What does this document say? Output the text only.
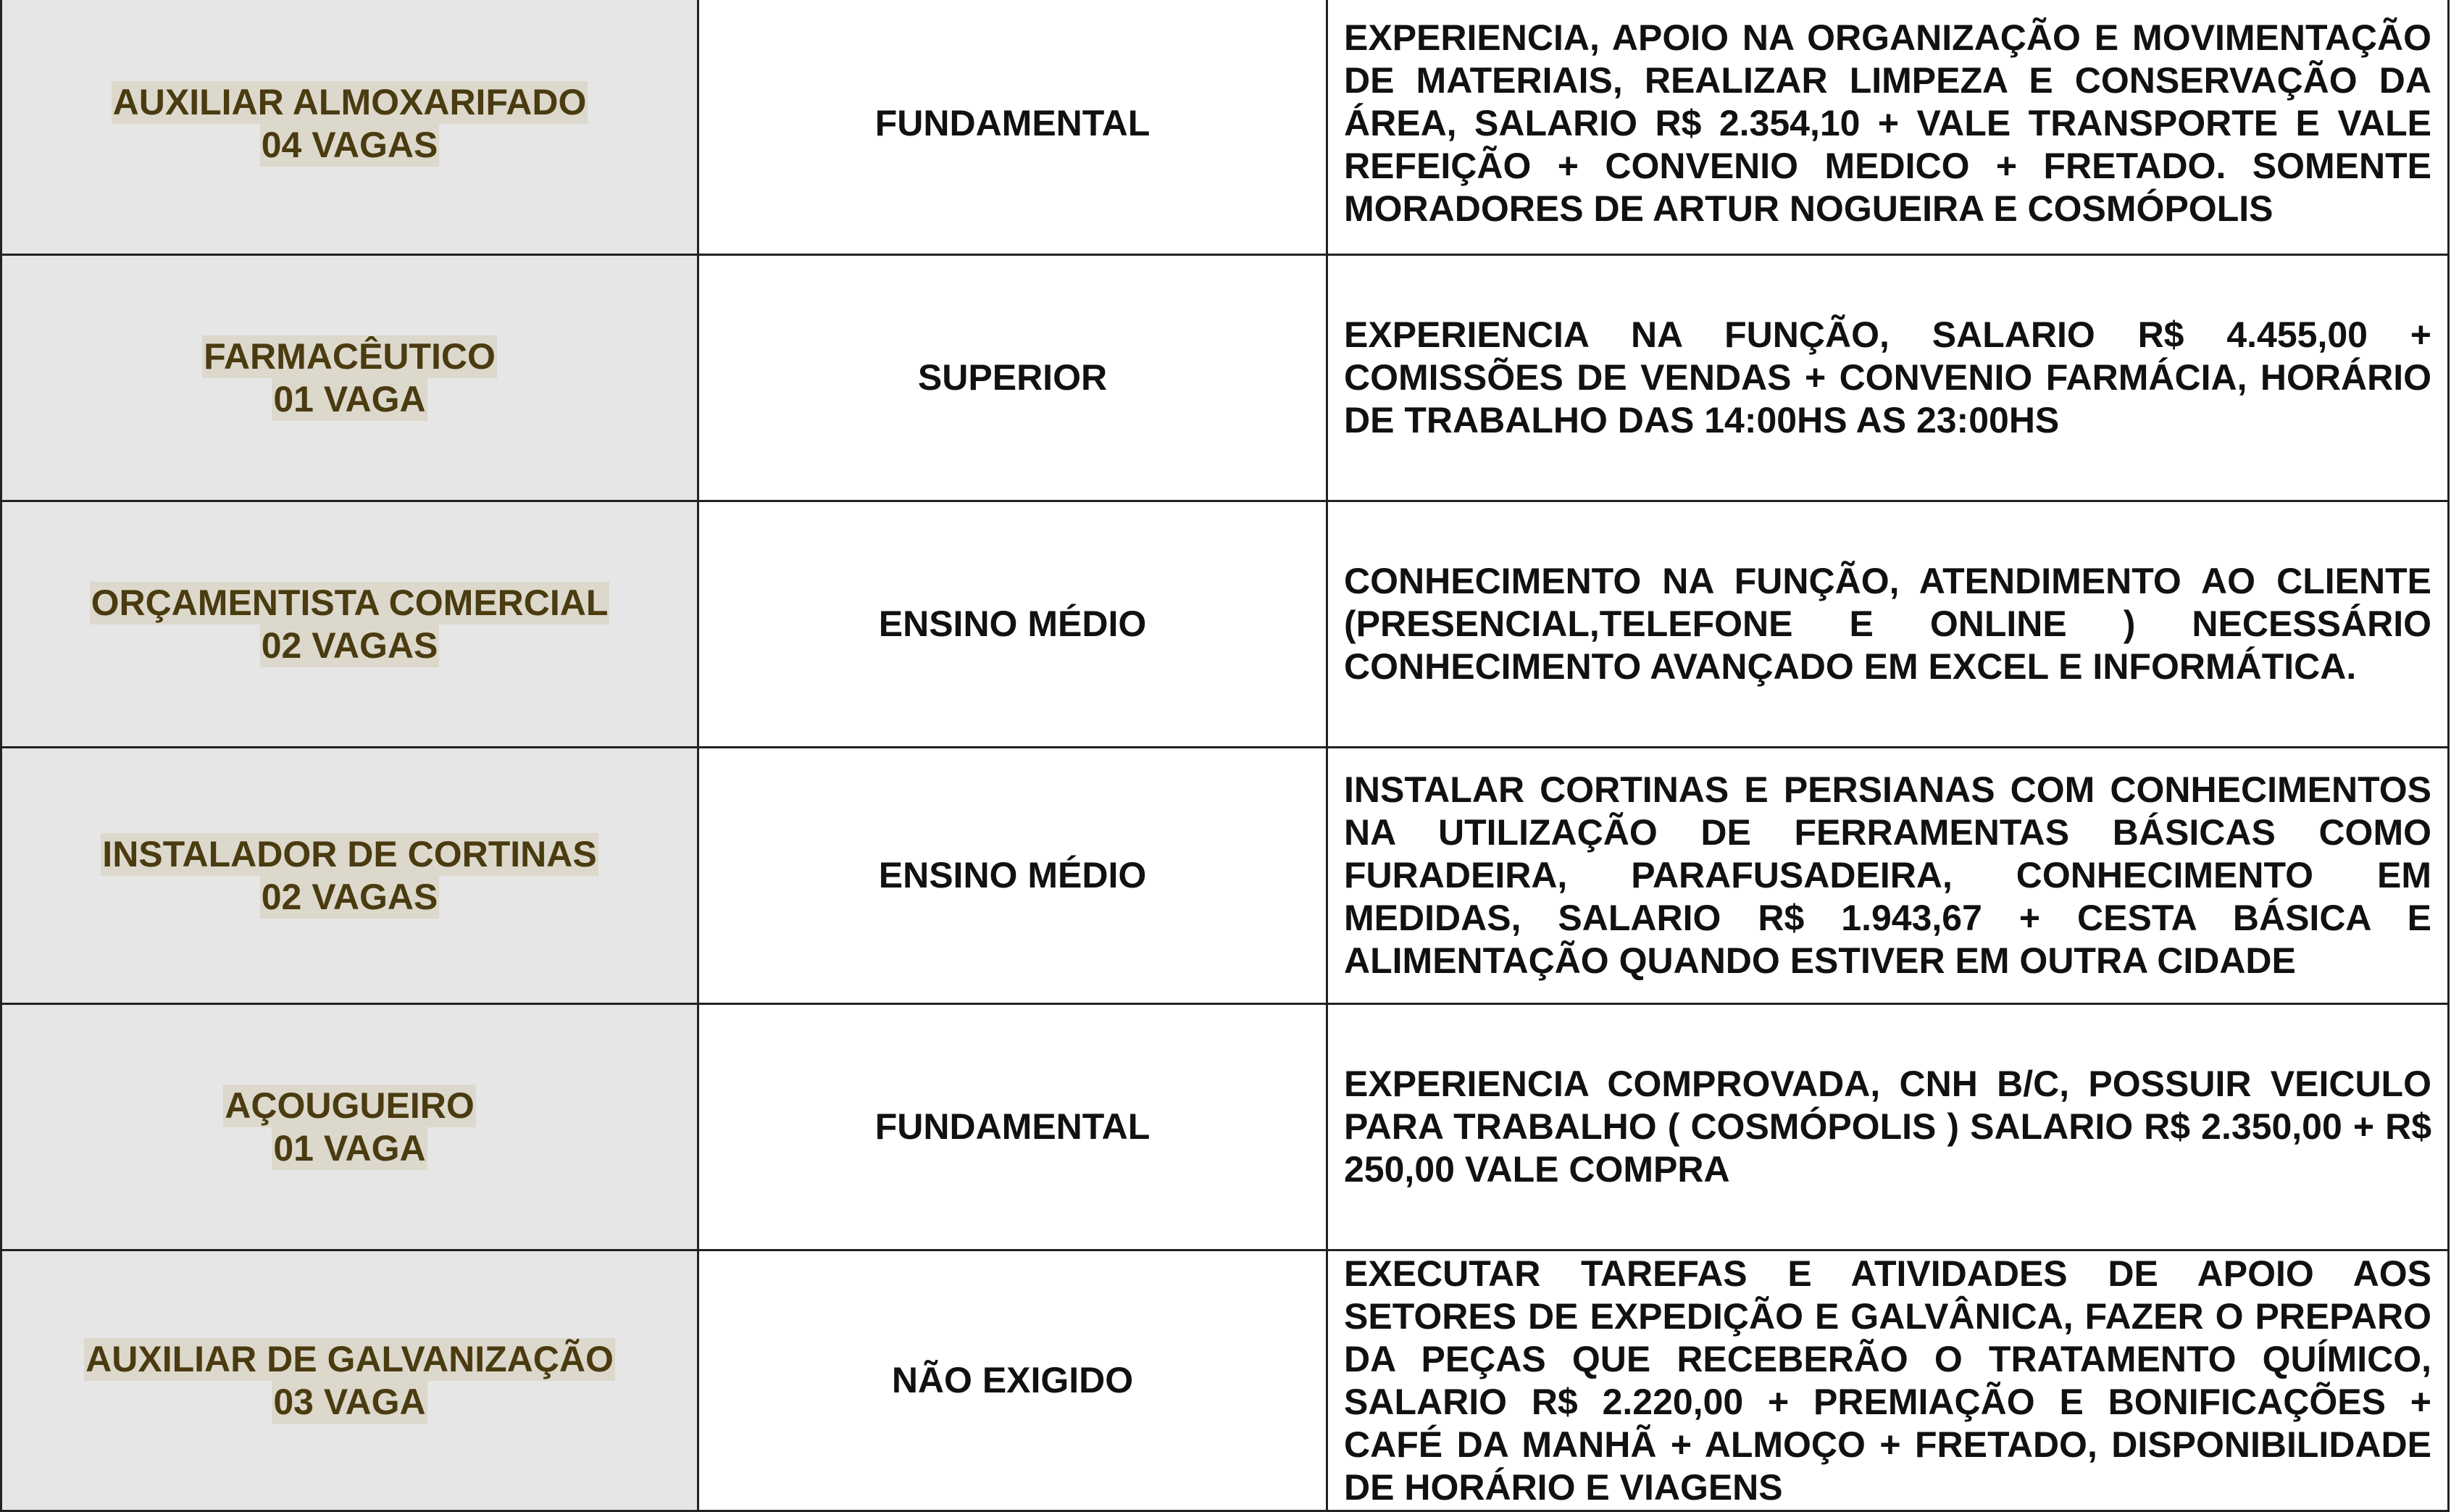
AUXILIAR ALMOXARIFADO
04 VAGAS	FUNDAMENTAL	EXPERIENCIA, APOIO NA ORGANIZAÇÃO E MOVIMENTAÇÃO DE MATERIAIS, REALIZAR LIMPEZA E CONSERVAÇÃO DA ÁREA, SALARIO R$ 2.354,10 + VALE TRANSPORTE E VALE REFEIÇÃO + CONVENIO MEDICO + FRETADO. SOMENTE MORADORES DE ARTUR NOGUEIRA E COSMÓPOLIS

FARMACÊUTICO
01 VAGA	SUPERIOR	EXPERIENCIA NA FUNÇÃO, SALARIO R$ 4.455,00 + COMISSÕES DE VENDAS + CONVENIO FARMÁCIA, HORÁRIO DE TRABALHO DAS 14:00HS AS 23:00HS

ORÇAMENTISTA COMERCIAL
02 VAGAS	ENSINO MÉDIO	CONHECIMENTO NA FUNÇÃO, ATENDIMENTO AO CLIENTE (PRESENCIAL,TELEFONE E ONLINE ) NECESSÁRIO CONHECIMENTO AVANÇADO EM EXCEL E INFORMÁTICA.

INSTALADOR DE CORTINAS
02 VAGAS	ENSINO MÉDIO	INSTALAR CORTINAS E PERSIANAS COM CONHECIMENTOS NA UTILIZAÇÃO DE FERRAMENTAS BÁSICAS COMO FURADEIRA, PARAFUSADEIRA, CONHECIMENTO EM MEDIDAS, SALARIO R$ 1.943,67 + CESTA BÁSICA E ALIMENTAÇÃO QUANDO ESTIVER EM OUTRA CIDADE

AÇOUGUEIRO
01 VAGA	FUNDAMENTAL	EXPERIENCIA COMPROVADA, CNH B/C, POSSUIR VEICULO PARA TRABALHO ( COSMÓPOLIS ) SALARIO R$ 2.350,00 + R$ 250,00 VALE COMPRA

AUXILIAR DE GALVANIZAÇÃO
03 VAGA	NÃO EXIGIDO	EXECUTAR TAREFAS E ATIVIDADES DE APOIO AOS SETORES DE EXPEDIÇÃO E GALVÂNICA, FAZER O PREPARO DA PEÇAS QUE RECEBERÃO O TRATAMENTO QUÍMICO, SALARIO R$ 2.220,00 + PREMIAÇÃO E BONIFICAÇÕES + CAFÉ DA MANHÃ + ALMOÇO + FRETADO, DISPONIBILIDADE DE HORÁRIO E VIAGENS
